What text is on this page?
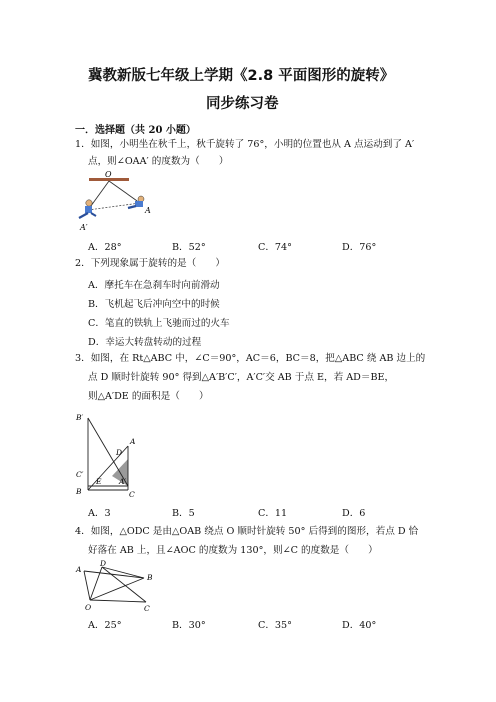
冀教新版七年级上学期《2.8 平面图形的旋转》
同步练习卷
一．选择题（共 20 小题）
1．如图，小明坐在秋千上，秋千旋转了 76°，小明的位置也从 A 点运动到了 A′
点，则∠OAA′ 的度数为（　　）
O
A
A′
A．28°	B．52°	C．74°	D．76°
2．下列现象属于旋转的是（　　）
A．摩托车在急刹车时向前滑动
B．飞机起飞后冲向空中的时候
C．笔直的铁轨上飞驰而过的火车
D．幸运大转盘转动的过程
3．如图，在 Rt△ABC 中，∠C＝90°，AC＝6，BC＝8，把△ABC 绕 AB 边上的
点 D 顺时针旋转 90° 得到△A′B′C′，A′C′交 AB 于点 E，若 AD＝BE，
则△A′DE 的面积是（　　）
B′
A
D
C′
E A′
B	C
A．3	B．5	C．11	D．6
4．如图，△ODC 是由△OAB 绕点 O 顺时针旋转 50° 后得到的图形，若点 D 恰
好落在 AB 上，且∠AOC 的度数为 130°，则∠C 的度数是（　　）
A
D
B
O	C
A．25°	B．30°	C．35°	D．40°
